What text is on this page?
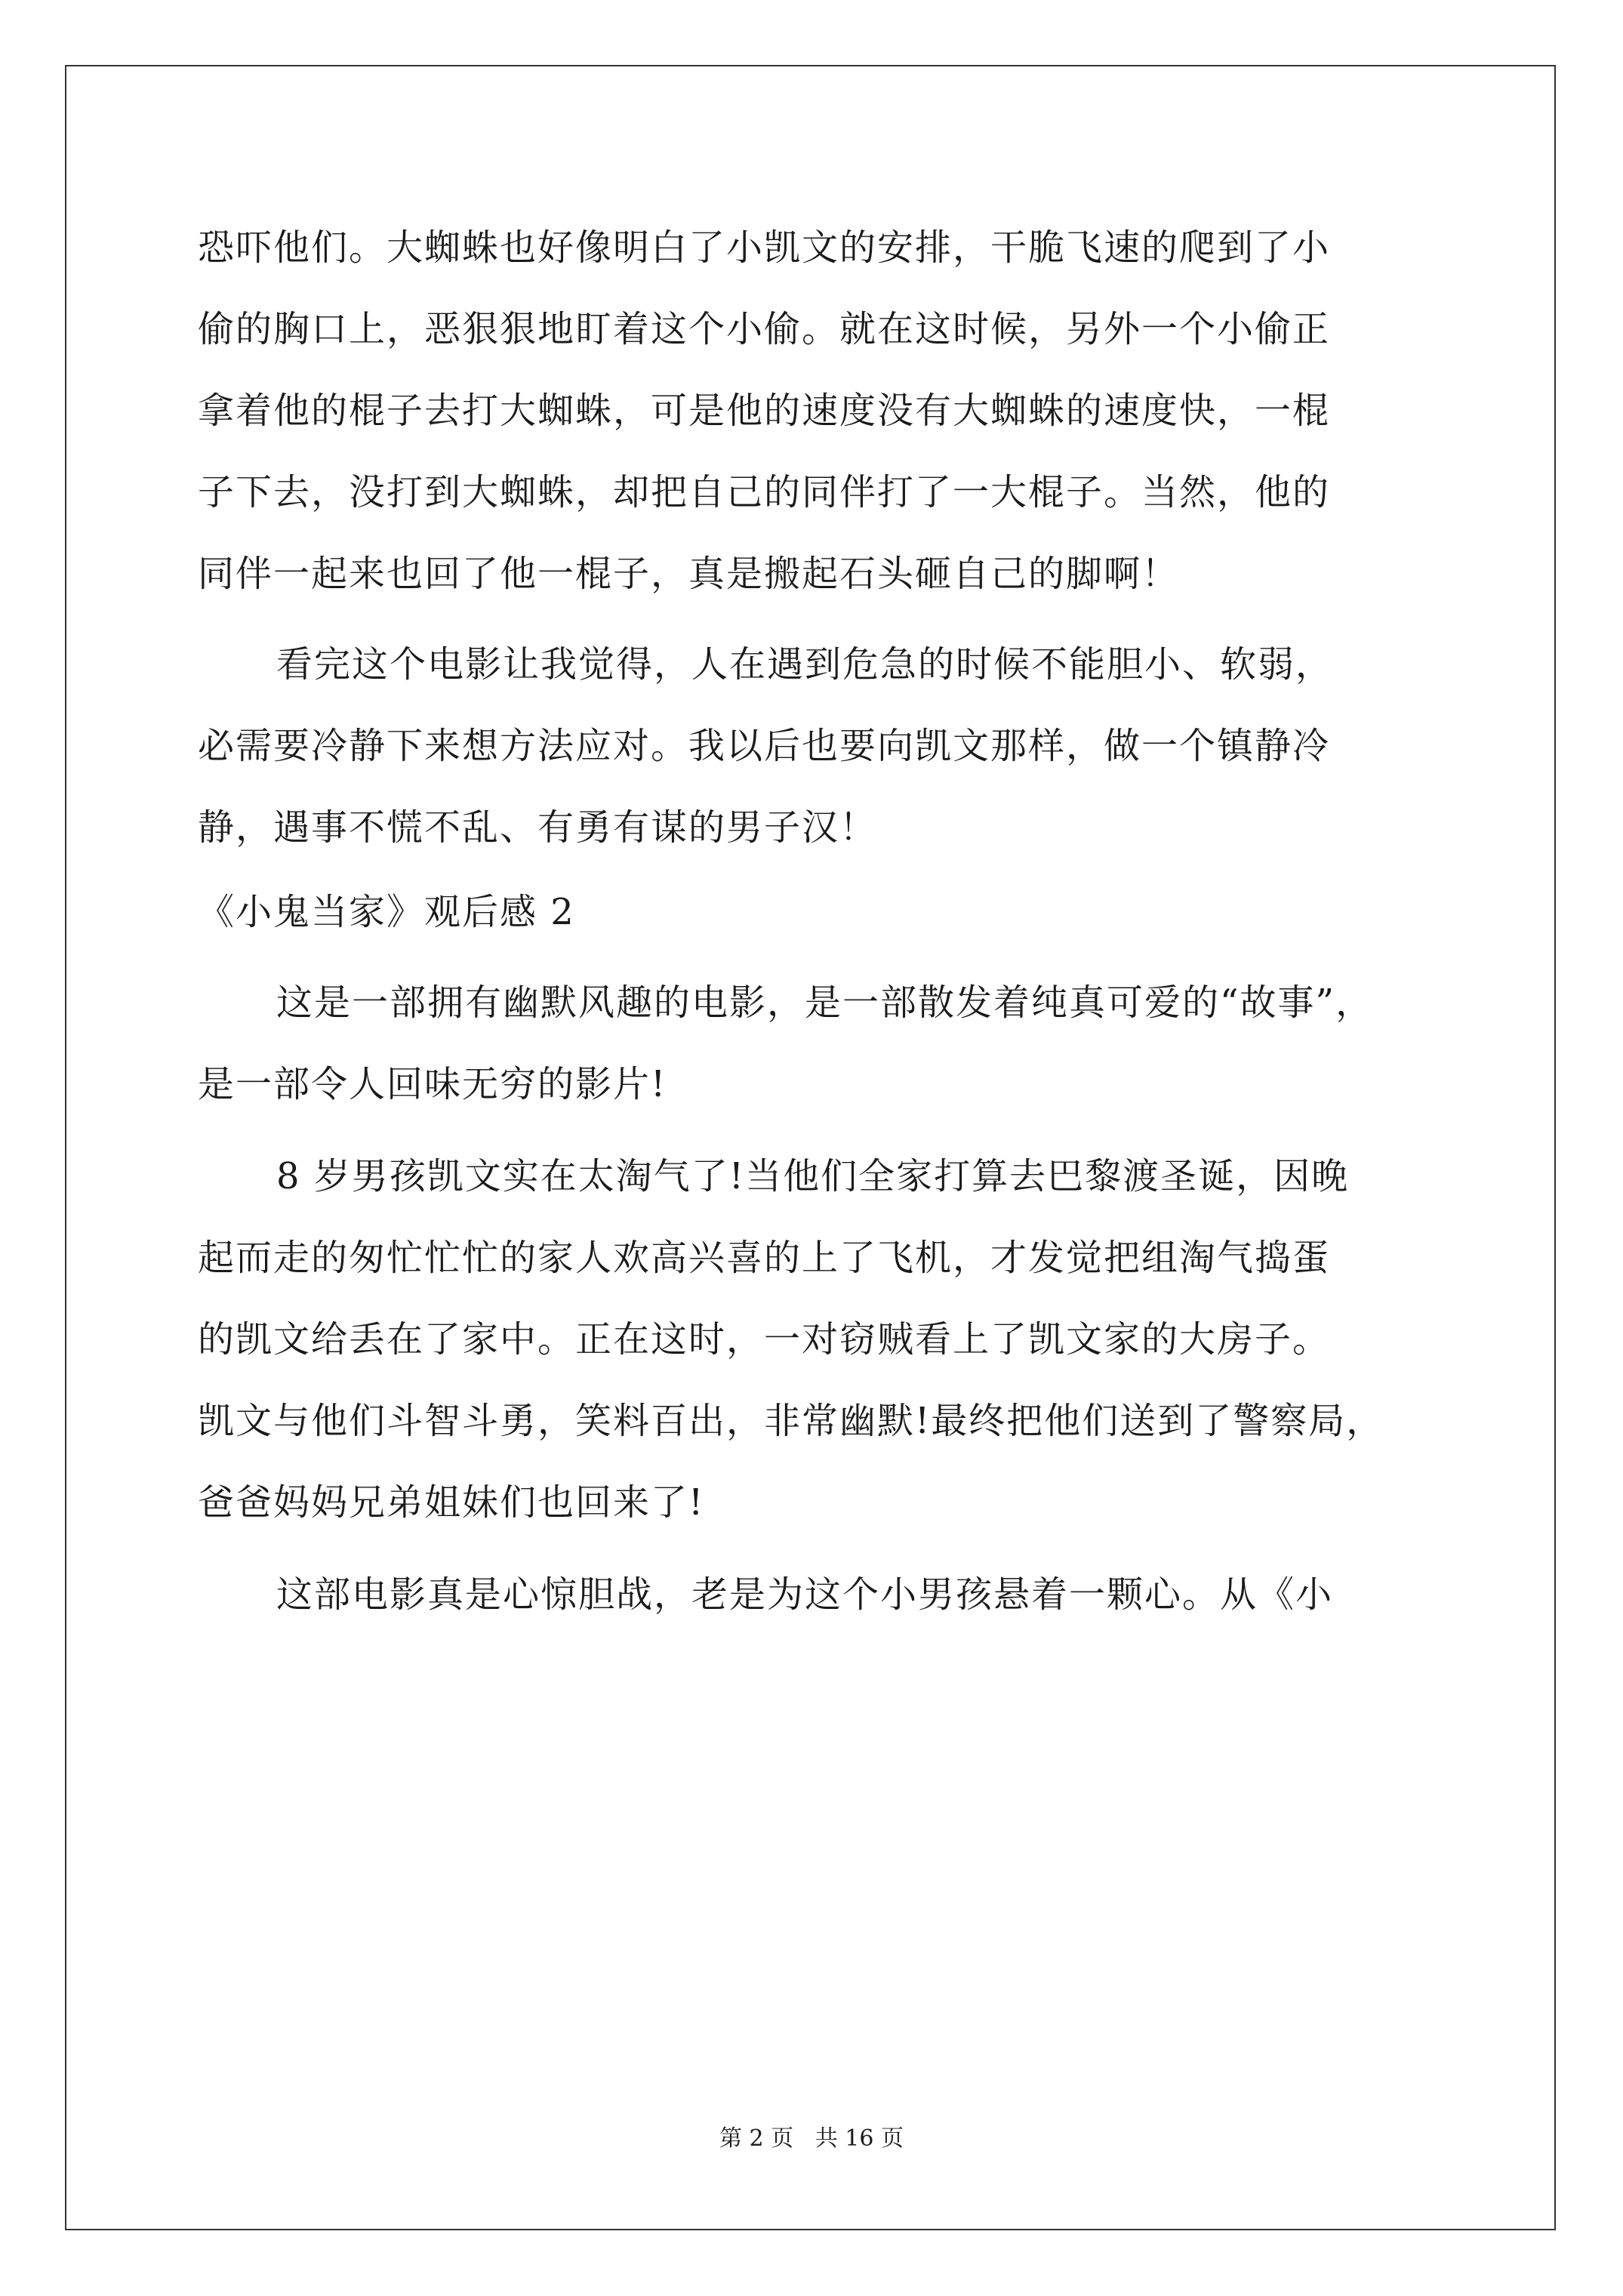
恐吓他们。大蜘蛛也好像明白了小凯文的安排，干脆飞速的爬到了小
偷的胸口上，恶狠狠地盯着这个小偷。就在这时候，另外一个小偷正
拿着他的棍子去打大蜘蛛，可是他的速度没有大蜘蛛的速度快，一棍
子下去，没打到大蜘蛛，却把自己的同伴打了一大棍子。当然，他的
同伴一起来也回了他一棍子，真是搬起石头砸自己的脚啊！
看完这个电影让我觉得，人在遇到危急的时候不能胆小、软弱，
必需要冷静下来想方法应对。我以后也要向凯文那样，做一个镇静冷
静，遇事不慌不乱、有勇有谋的男子汉！
《小鬼当家》观后感 2
这是一部拥有幽默风趣的电影，是一部散发着纯真可爱的“故事”，
是一部令人回味无穷的影片!
8 岁男孩凯文实在太淘气了!当他们全家打算去巴黎渡圣诞，因晚
起而走的匆忙忙忙的家人欢高兴喜的上了飞机，才发觉把组淘气捣蛋
的凯文给丢在了家中。正在这时，一对窃贼看上了凯文家的大房子。
凯文与他们斗智斗勇，笑料百出，非常幽默!最终把他们送到了警察局，
爸爸妈妈兄弟姐妹们也回来了!
这部电影真是心惊胆战，老是为这个小男孩悬着一颗心。从《小
第 2 页   共 16 页
